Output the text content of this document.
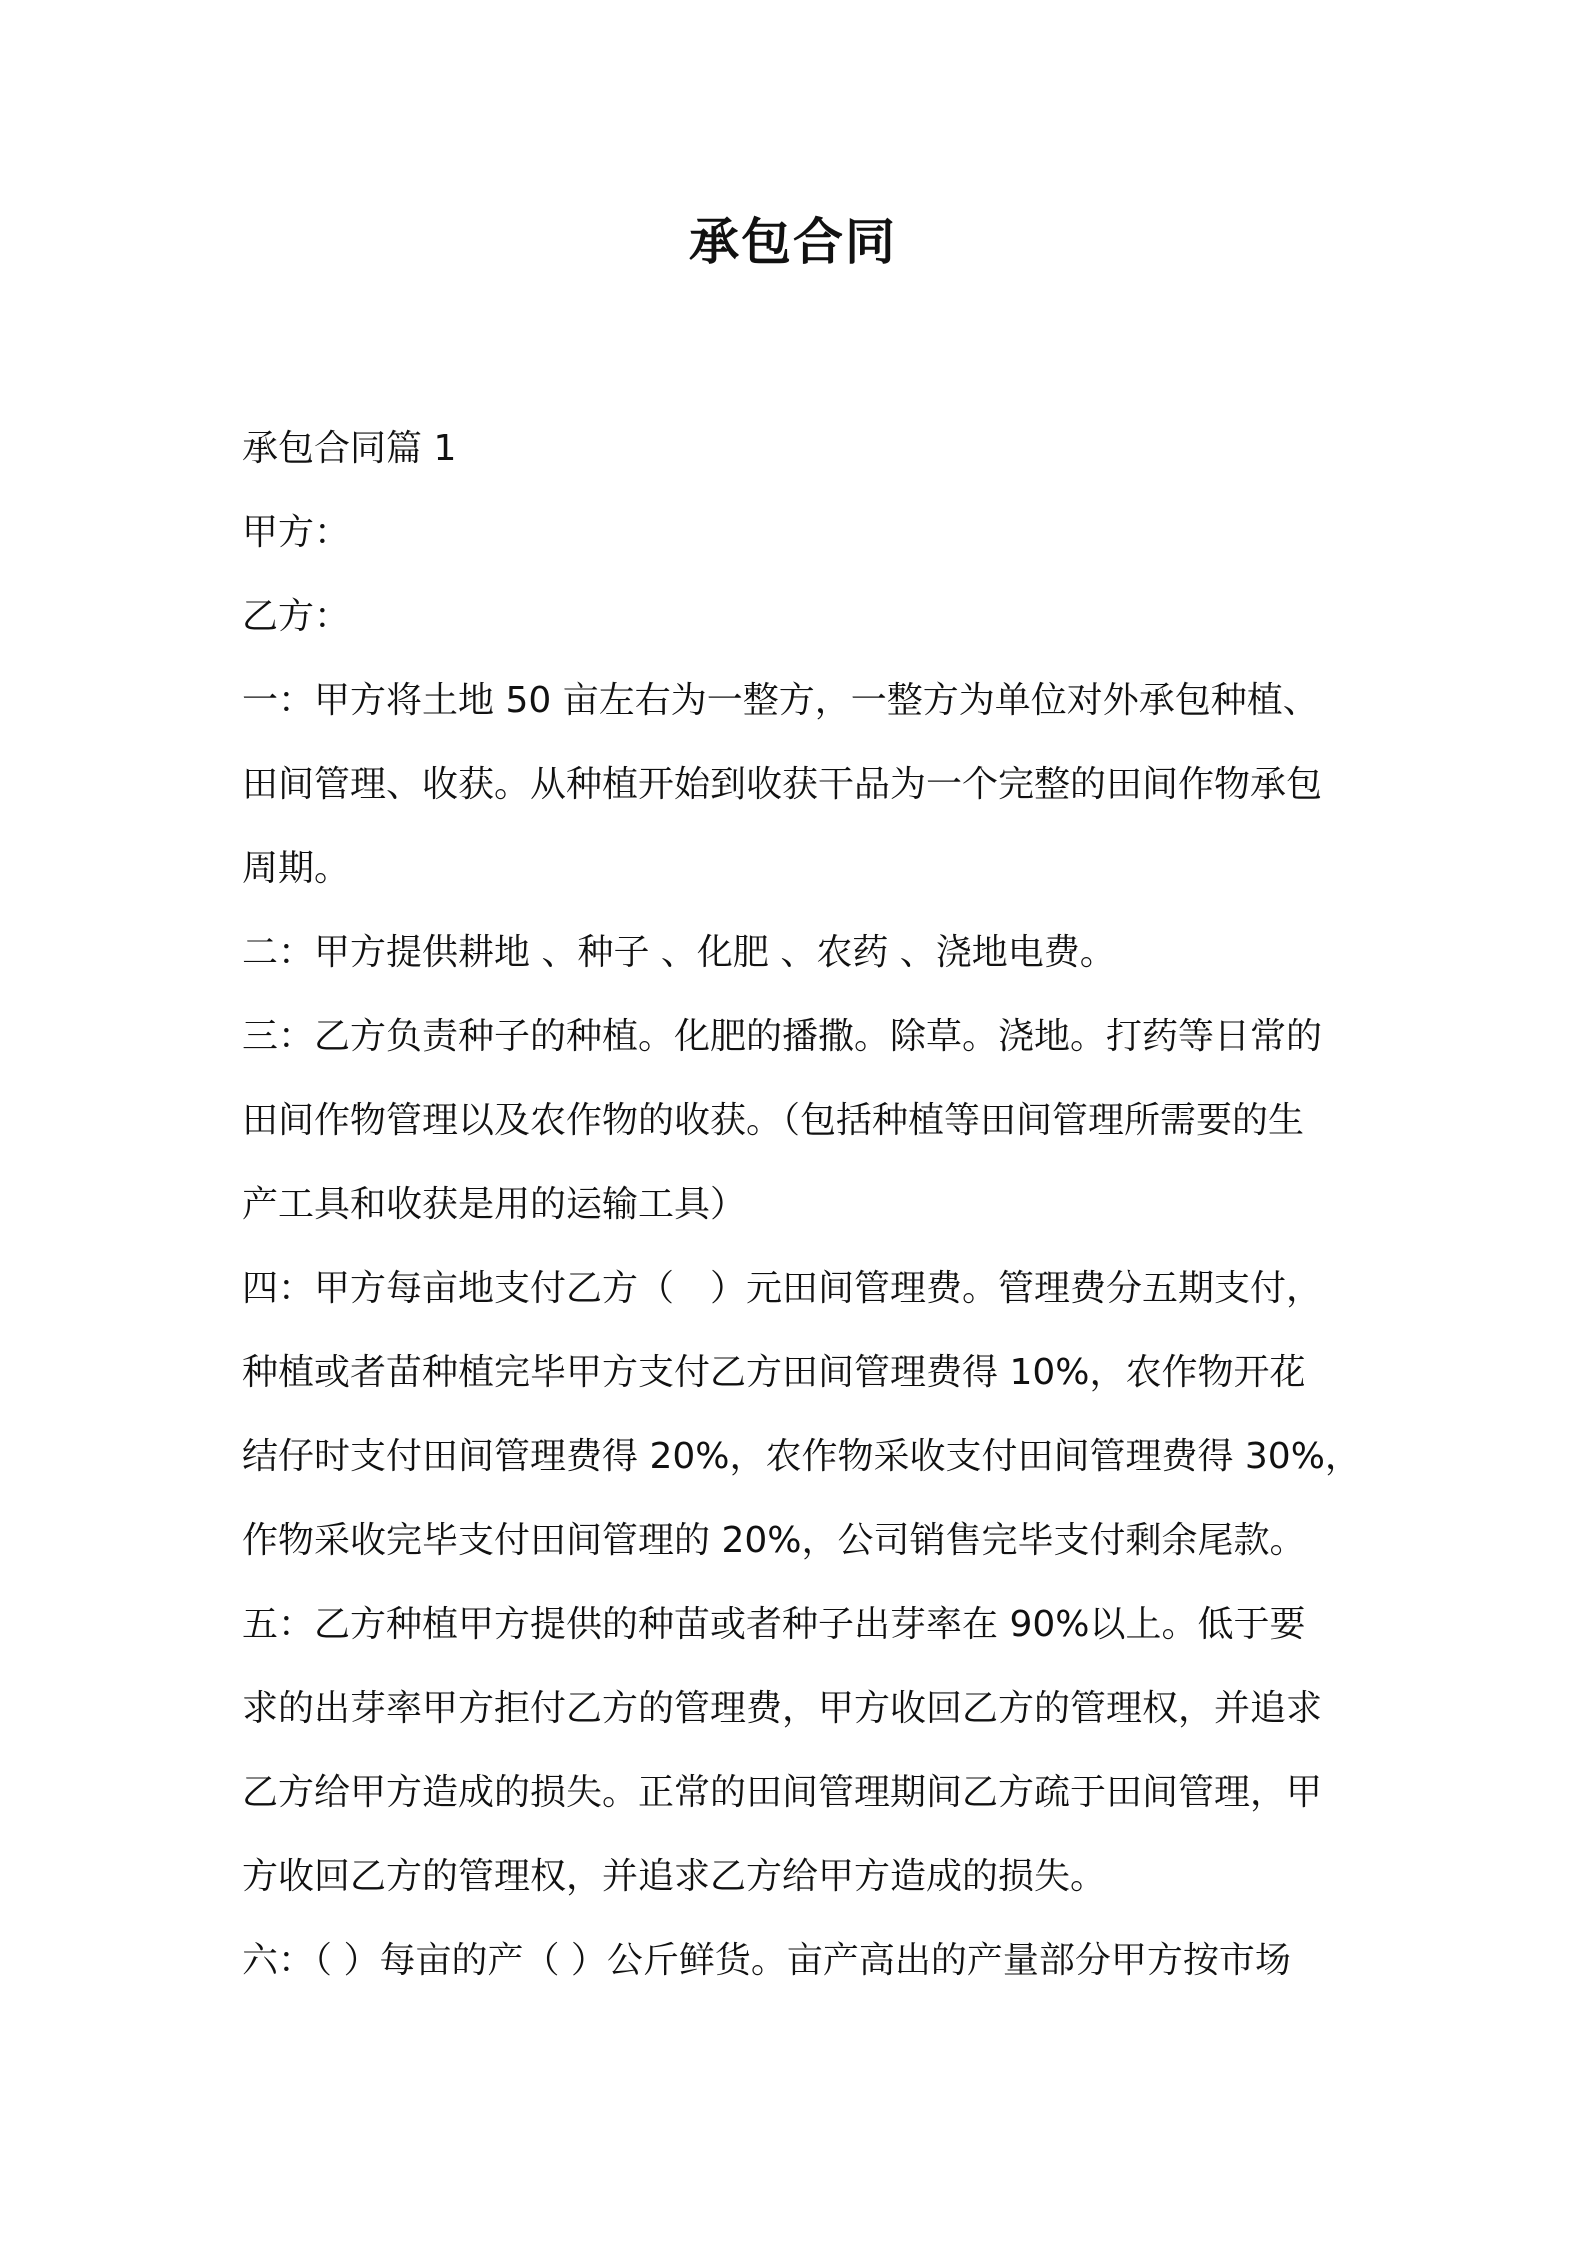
承包合同
承包合同篇 1
甲方：
乙方：
一：甲方将土地 50 亩左右为一整方，一整方为单位对外承包种植、
田间管理、收获。从种植开始到收获干品为一个完整的田间作物承包
周期。
二：甲方提供耕地 、种子 、化肥 、农药 、浇地电费。
三：乙方负责种子的种植。化肥的播撒。除草。浇地。打药等日常的
田间作物管理以及农作物的收获。（包括种植等田间管理所需要的生
产工具和收获是用的运输工具）
四：甲方每亩地支付乙方（　）元田间管理费。管理费分五期支付，
种植或者苗种植完毕甲方支付乙方田间管理费得 10%，农作物开花
结仔时支付田间管理费得 20%，农作物采收支付田间管理费得 30%，
作物采收完毕支付田间管理的 20%，公司销售完毕支付剩余尾款。
五：乙方种植甲方提供的种苗或者种子出芽率在 90%以上。低于要
求的出芽率甲方拒付乙方的管理费，甲方收回乙方的管理权，并追求
乙方给甲方造成的损失。正常的田间管理期间乙方疏于田间管理，甲
方收回乙方的管理权，并追求乙方给甲方造成的损失。
六：（ ）每亩的产（ ）公斤鲜货。亩产高出的产量部分甲方按市场
